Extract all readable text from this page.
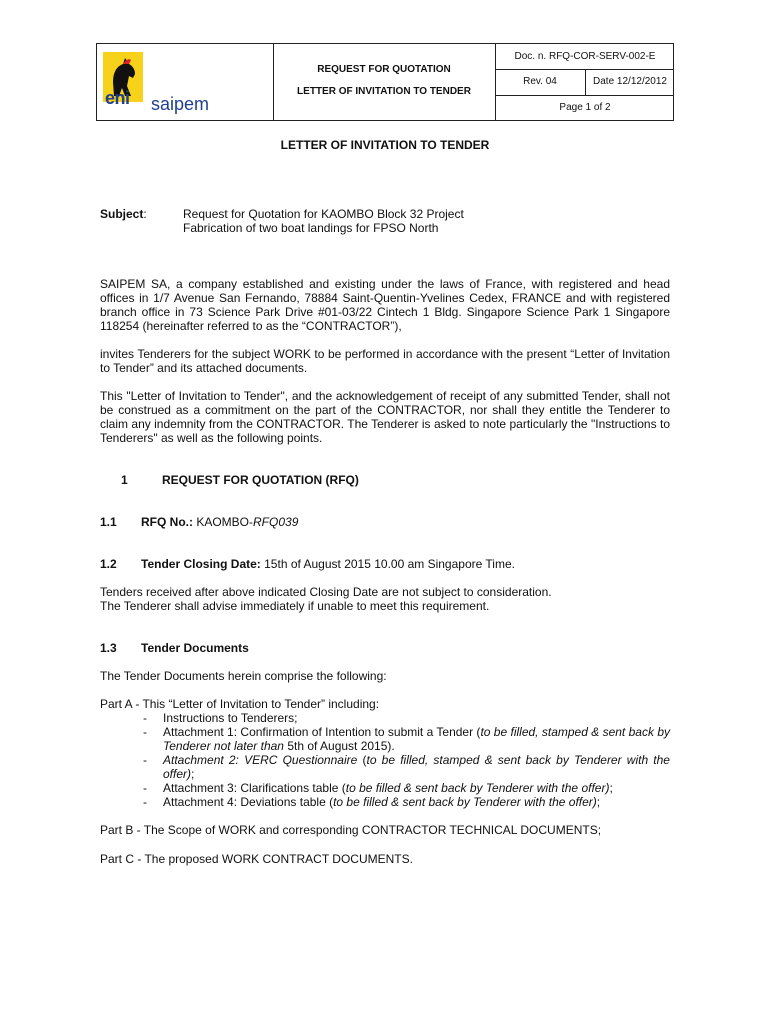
eni saipem
REQUEST FOR QUOTATION
LETTER OF INVITATION TO TENDER
Doc. n. RFQ-COR-SERV-002-E
Rev. 04	Date 12/12/2012
Page 1 of 2
LETTER OF INVITATION TO TENDER
Subject:	Request for Quotation for KAOMBO Block 32 Project
Fabrication of two boat landings for FPSO North

SAIPEM SA, a company established and existing under the laws of France, with registered and head offices in 1/7 Avenue San Fernando, 78884 Saint-Quentin-Yvelines Cedex, FRANCE and with registered branch office in 73 Science Park Drive #01-03/22 Cintech 1 Bldg. Singapore Science Park 1 Singapore 118254 (hereinafter referred to as the “CONTRACTOR”),

invites Tenderers for the subject WORK to be performed in accordance with the present “Letter of Invitation to Tender” and its attached documents.

This "Letter of Invitation to Tender", and the acknowledgement of receipt of any submitted Tender, shall not be construed as a commitment on the part of the CONTRACTOR, nor shall they entitle the Tenderer to claim any indemnity from the CONTRACTOR. The Tenderer is asked to note particularly the "Instructions to Tenderers" as well as the following points.

1	REQUEST FOR QUOTATION (RFQ)
1.1 RFQ No.: KAOMBO-RFQ039
1.2 Tender Closing Date: 15th of August 2015 10.00 am Singapore Time.
Tenders received after above indicated Closing Date are not subject to consideration.
The Tenderer shall advise immediately if unable to meet this requirement.
1.3 Tender Documents
The Tender Documents herein comprise the following:
Part A - This “Letter of Invitation to Tender” including:
- Instructions to Tenderers;
- Attachment 1: Confirmation of Intention to submit a Tender (to be filled, stamped & sent back by
Tenderer not later than 5th of August 2015).
- Attachment 2: VERC Questionnaire (to be filled, stamped & sent back by Tenderer with the
offer);
- Attachment 3: Clarifications table (to be filled & sent back by Tenderer with the offer);
- Attachment 4: Deviations table (to be filled & sent back by Tenderer with the offer);
Part B - The Scope of WORK and corresponding CONTRACTOR TECHNICAL DOCUMENTS;
Part C - The proposed WORK CONTRACT DOCUMENTS.
